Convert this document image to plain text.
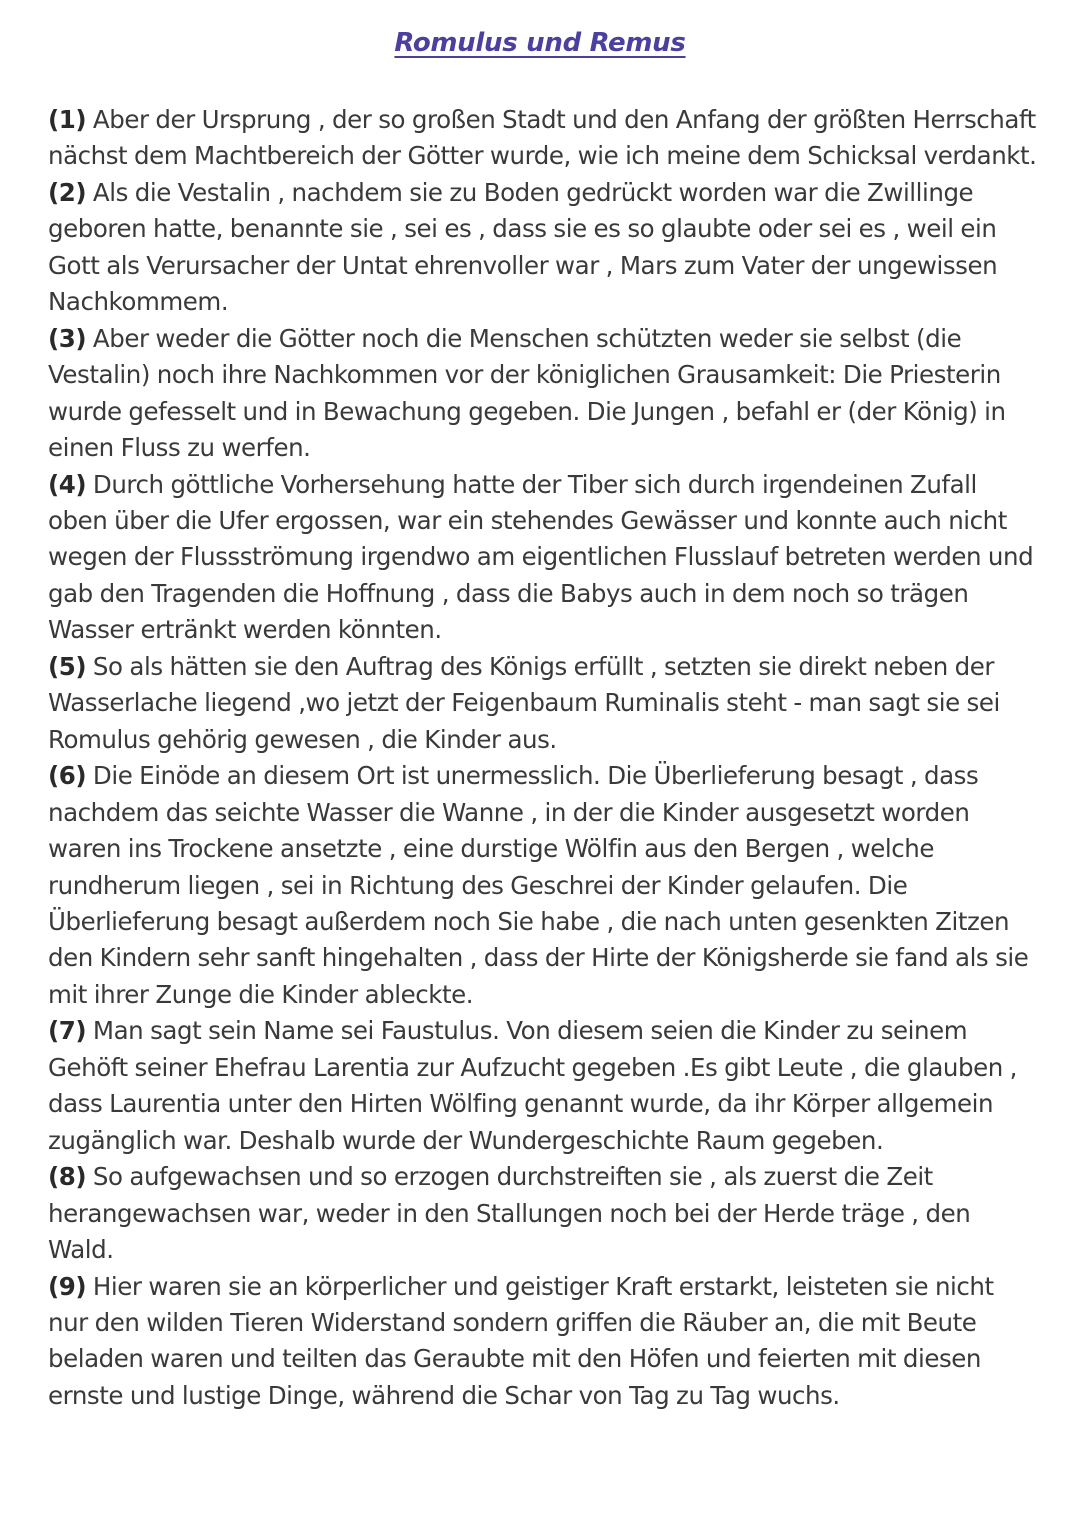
Romulus und Remus

(1) Aber der Ursprung , der so großen Stadt und den Anfang der größten Herrschaft nächst dem Machtbereich der Götter wurde, wie ich meine dem Schicksal verdankt.

(2) Als die Vestalin , nachdem sie zu Boden gedrückt worden war die Zwillinge geboren hatte, benannte sie , sei es , dass sie es so glaubte oder sei es , weil ein Gott als Verursacher der Untat ehrenvoller war , Mars zum Vater der ungewissen Nachkommem.

(3) Aber weder die Götter noch die Menschen schützten weder sie selbst (die Vestalin) noch ihre Nachkommen vor der königlichen Grausamkeit: Die Priesterin wurde gefesselt und in Bewachung gegeben. Die Jungen , befahl er (der König) in einen Fluss zu werfen.

(4) Durch göttliche Vorhersehung hatte der Tiber sich durch irgendeinen Zufall oben über die Ufer ergossen, war ein stehendes Gewässer und konnte auch nicht wegen der Flussströmung irgendwo am eigentlichen Flusslauf betreten werden und gab den Tragenden die Hoffnung , dass die Babys auch in dem noch so trägen Wasser ertränkt werden könnten.

(5) So als hätten sie den Auftrag des Königs erfüllt , setzten sie direkt neben der Wasserlache liegend ,wo jetzt der Feigenbaum Ruminalis steht - man sagt sie sei Romulus gehörig gewesen , die Kinder aus.

(6) Die Einöde an diesem Ort ist unermesslich. Die Überlieferung besagt , dass nachdem das seichte Wasser die Wanne , in der die Kinder ausgesetzt worden waren ins Trockene ansetzte , eine durstige Wölfin aus den Bergen , welche rundherum liegen , sei in Richtung des Geschrei der Kinder gelaufen. Die Überlieferung besagt außerdem noch Sie habe , die nach unten gesenkten Zitzen den Kindern sehr sanft hingehalten , dass der Hirte der Königsherde sie fand als sie mit ihrer Zunge die Kinder ableckte.

(7) Man sagt sein Name sei Faustulus. Von diesem seien die Kinder zu seinem Gehöft seiner Ehefrau Larentia zur Aufzucht gegeben .Es gibt Leute , die glauben , dass Laurentia unter den Hirten Wölfing genannt wurde, da ihr Körper allgemein zugänglich war. Deshalb wurde der Wundergeschichte Raum gegeben.

(8) So aufgewachsen und so erzogen durchstreiften sie , als zuerst die Zeit herangewachsen war, weder in den Stallungen noch bei der Herde träge , den Wald.

(9) Hier waren sie an körperlicher und geistiger Kraft erstarkt, leisteten sie nicht nur den wilden Tieren Widerstand sondern griffen die Räuber an, die mit Beute beladen waren und teilten das Geraubte mit den Höfen und feierten mit diesen ernste und lustige Dinge, während die Schar von Tag zu Tag wuchs.
